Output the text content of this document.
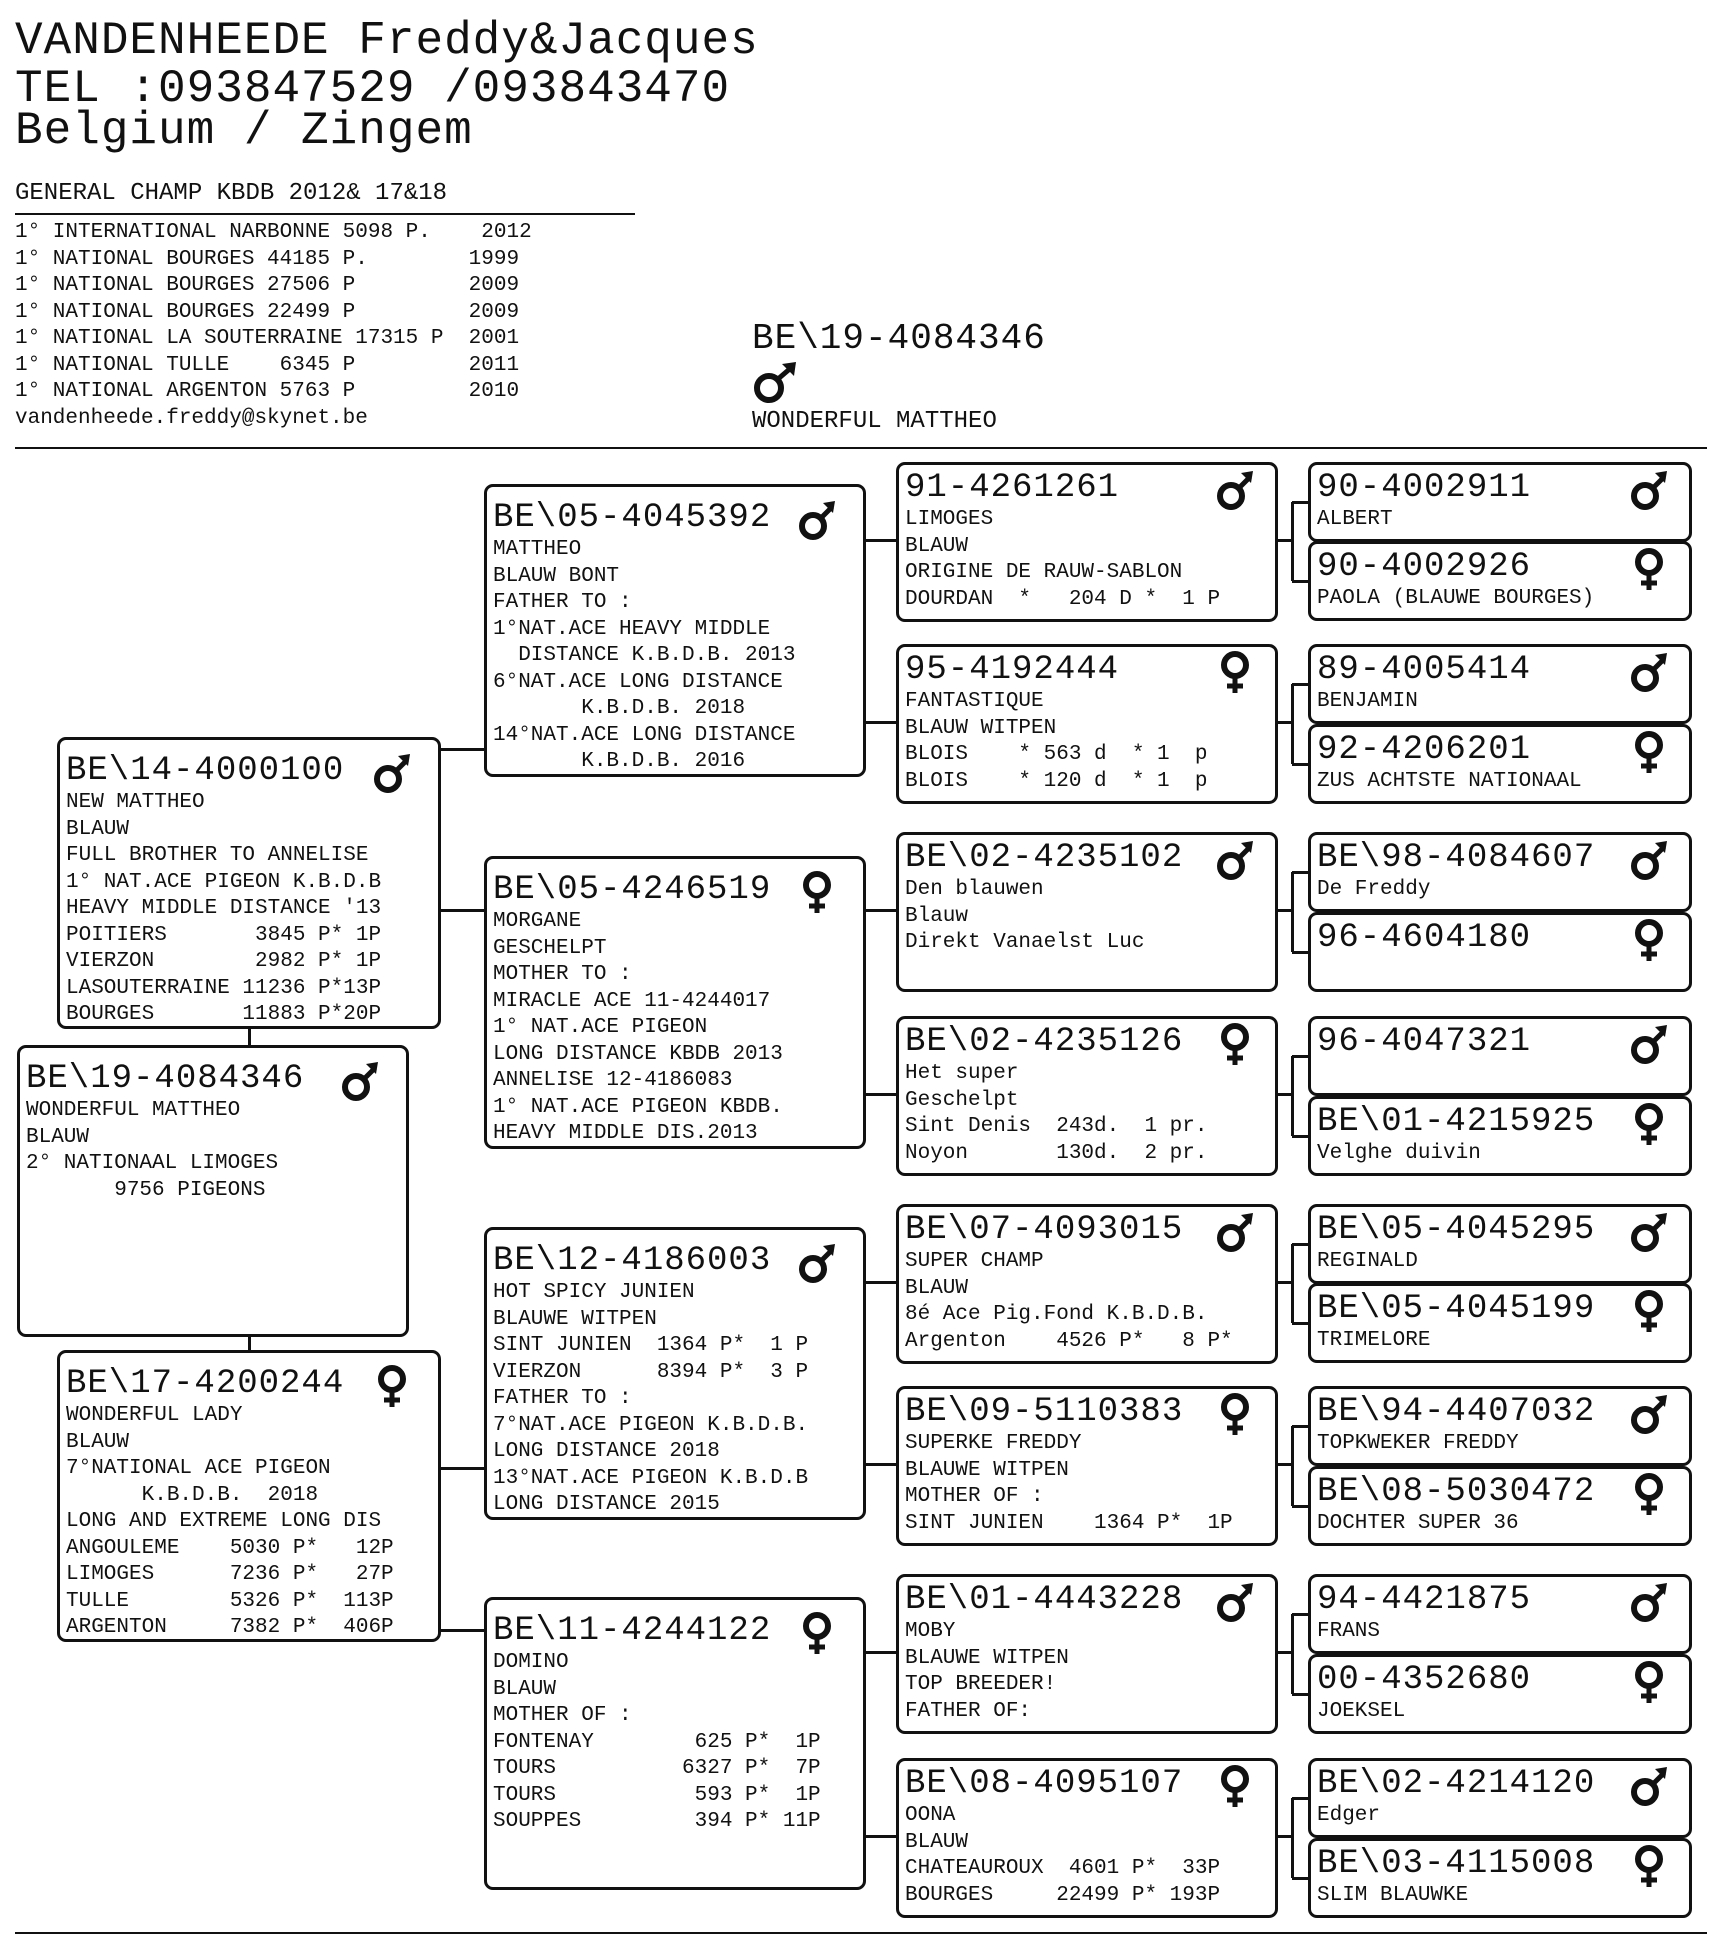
VANDENHEEDE Freddy&Jacques
TEL :093847529 /093843470
Belgium / Zingem
GENERAL CHAMP KBDB 2012& 17&18
1° INTERNATIONAL NARBONNE 5098 P.    2012
1° NATIONAL BOURGES 44185 P.        1999
1° NATIONAL BOURGES 27506 P         2009
1° NATIONAL BOURGES 22499 P         2009
1° NATIONAL LA SOUTERRAINE 17315 P  2001
1° NATIONAL TULLE    6345 P         2011
1° NATIONAL ARGENTON 5763 P         2010
vandenheede.freddy@skynet.be
BE\19-4084346
WONDERFUL MATTHEO
BE\19-4084346
WONDERFUL MATTHEO
BLAUW
2° NATIONAAL LIMOGES
9756 PIGEONS
BE\14-4000100
NEW MATTHEO
BLAUW
FULL BROTHER TO ANNELISE
1° NAT.ACE PIGEON K.B.D.B
HEAVY MIDDLE DISTANCE '13
POITIERS       3845 P* 1P
VIERZON        2982 P* 1P
LASOUTERRAINE 11236 P*13P
BOURGES       11883 P*20P
BE\17-4200244
WONDERFUL LADY
BLAUW
7°NATIONAL ACE PIGEON
K.B.D.B.  2018
LONG AND EXTREME LONG DIS
ANGOULEME    5030 P*   12P
LIMOGES      7236 P*   27P
TULLE        5326 P*  113P
ARGENTON     7382 P*  406P
BE\05-4045392
MATTHEO
BLAUW BONT
FATHER TO :
1°NAT.ACE HEAVY MIDDLE
DISTANCE K.B.D.B. 2013
6°NAT.ACE LONG DISTANCE
K.B.D.B. 2018
14°NAT.ACE LONG DISTANCE
K.B.D.B. 2016
BE\05-4246519
MORGANE
GESCHELPT
MOTHER TO :
MIRACLE ACE 11-4244017
1° NAT.ACE PIGEON
LONG DISTANCE KBDB 2013
ANNELISE 12-4186083
1° NAT.ACE PIGEON KBDB.
HEAVY MIDDLE DIS.2013
BE\12-4186003
HOT SPICY JUNIEN
BLAUWE WITPEN
SINT JUNIEN  1364 P*  1 P
VIERZON      8394 P*  3 P
FATHER TO :
7°NAT.ACE PIGEON K.B.D.B.
LONG DISTANCE 2018
13°NAT.ACE PIGEON K.B.D.B
LONG DISTANCE 2015
BE\11-4244122
DOMINO
BLAUW
MOTHER OF :
FONTENAY        625 P*  1P
TOURS          6327 P*  7P
TOURS           593 P*  1P
SOUPPES         394 P* 11P
91-4261261
LIMOGES
BLAUW
ORIGINE DE RAUW-SABLON
DOURDAN  *   204 D *  1 P
95-4192444
FANTASTIQUE
BLAUW WITPEN
BLOIS    * 563 d  * 1  p
BLOIS    * 120 d  * 1  p
BE\02-4235102
Den blauwen
Blauw
Direkt Vanaelst Luc
BE\02-4235126
Het super
Geschelpt
Sint Denis  243d.  1 pr.
Noyon       130d.  2 pr.
BE\07-4093015
SUPER CHAMP
BLAUW
8é Ace Pig.Fond K.B.D.B.
Argenton    4526 P*   8 P*
BE\09-5110383
SUPERKE FREDDY
BLAUWE WITPEN
MOTHER OF :
SINT JUNIEN    1364 P*  1P
BE\01-4443228
MOBY
BLAUWE WITPEN
TOP BREEDER!
FATHER OF:
BE\08-4095107
OONA
BLAUW
CHATEAUROUX  4601 P*  33P
BOURGES     22499 P* 193P
90-4002911
ALBERT
90-4002926
PAOLA (BLAUWE BOURGES)
89-4005414
BENJAMIN
92-4206201
ZUS ACHTSTE NATIONAAL
BE\98-4084607
De Freddy
96-4604180
96-4047321
BE\01-4215925
Velghe duivin
BE\05-4045295
REGINALD
BE\05-4045199
TRIMELORE
BE\94-4407032
TOPKWEKER FREDDY
BE\08-5030472
DOCHTER SUPER 36
94-4421875
FRANS
00-4352680
JOEKSEL
BE\02-4214120
Edger
BE\03-4115008
SLIM BLAUWKE
